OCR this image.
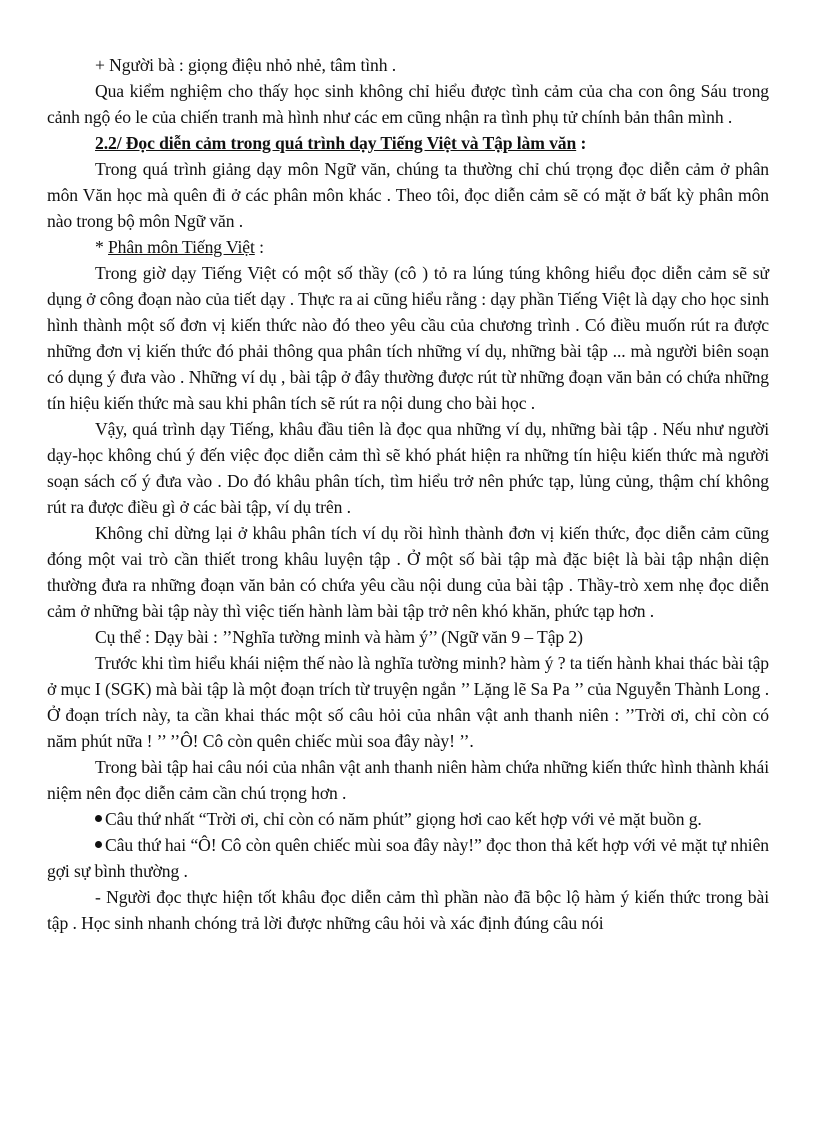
+ Người bà : giọng điệu nhỏ nhẻ, tâm tình .

Qua kiểm nghiệm cho thấy học sinh không chỉ hiểu được tình cảm của cha con ông Sáu trong cảnh ngộ éo le của chiến tranh mà hình như các em cũng nhận ra tình phụ tử chính bản thân mình .

2.2/ Đọc diễn cảm trong quá trình dạy Tiếng Việt và Tập làm văn :

Trong quá trình giảng dạy môn Ngữ văn, chúng ta thường chỉ chú trọng đọc diễn cảm ở phân môn Văn học mà quên đi ở các phân môn khác . Theo tôi, đọc diễn cảm sẽ có mặt ở bất kỳ phân môn nào trong bộ môn Ngữ văn .

* Phân môn Tiếng Việt :

Trong giờ dạy Tiếng Việt có một số thầy (cô ) tỏ ra lúng túng không hiểu đọc diễn cảm sẽ sử dụng ở công đoạn nào của tiết dạy . Thực ra ai cũng hiểu rằng : dạy phần Tiếng Việt là dạy cho học sinh hình thành một số đơn vị kiến thức nào đó theo yêu cầu của chương trình . Có điều muốn rút ra được những đơn vị kiến thức đó phải thông qua phân tích những ví dụ, những bài tập ... mà người biên soạn có dụng ý đưa vào . Những ví dụ , bài tập ở đây thường được rút từ những đoạn văn bản có chứa những tín hiệu kiến thức mà sau khi phân tích sẽ rút ra nội dung cho bài học .

Vậy, quá trình dạy Tiếng, khâu đầu tiên là đọc qua những ví dụ, những bài tập . Nếu như người dạy-học không chú ý đến việc đọc diễn cảm thì sẽ khó phát hiện ra những tín hiệu kiến thức mà người soạn sách cố ý đưa vào . Do đó khâu phân tích, tìm hiểu trở nên phức tạp, lủng củng, thậm chí không rút ra được điều gì ở các bài tập, ví dụ trên .

Không chỉ dừng lại ở khâu phân tích ví dụ rồi hình thành đơn vị kiến thức, đọc diễn cảm cũng đóng một vai trò cần thiết trong khâu luyện tập . Ở một số bài tập mà đặc biệt là bài tập nhận diện thường đưa ra những đoạn văn bản có chứa yêu cầu nội dung của bài tập . Thầy-trò xem nhẹ đọc diễn cảm ở những bài tập này thì việc tiến hành làm bài tập trở nên khó khăn, phức tạp hơn .

Cụ thể : Dạy bài : ’’Nghĩa tường minh và hàm ý’’ (Ngữ văn 9 – Tập 2)

Trước khi tìm hiểu khái niệm thế nào là nghĩa tường minh? hàm ý ? ta tiến hành khai thác bài tập ở mục I (SGK) mà bài tập là một đoạn trích từ truyện ngắn ’’ Lặng lẽ Sa Pa ’’ của Nguyễn Thành Long . Ở đoạn trích này, ta cần khai thác một số câu hỏi của nhân vật anh thanh niên : ’’Trời ơi, chỉ còn có năm phút nữa ! ’’ ’’Ô! Cô còn quên chiếc mùi soa đây này! ’’.

Trong bài tập hai câu nói của nhân vật anh thanh niên hàm chứa những kiến thức hình thành khái niệm nên đọc diễn cảm cần chú trọng hơn .

Câu thứ nhất “Trời ơi, chỉ còn có năm phút” giọng hơi cao kết hợp với vẻ mặt buồn g.

Câu thứ hai “Ô! Cô còn quên chiếc mùi soa đây này!” đọc thon thả kết hợp với vẻ mặt tự nhiên gợi sự bình thường .

- Người đọc thực hiện tốt khâu đọc diễn cảm thì phần nào đã bộc lộ hàm ý kiến thức trong bài tập . Học sinh nhanh chóng trả lời được những câu hỏi và xác định đúng câu nói
